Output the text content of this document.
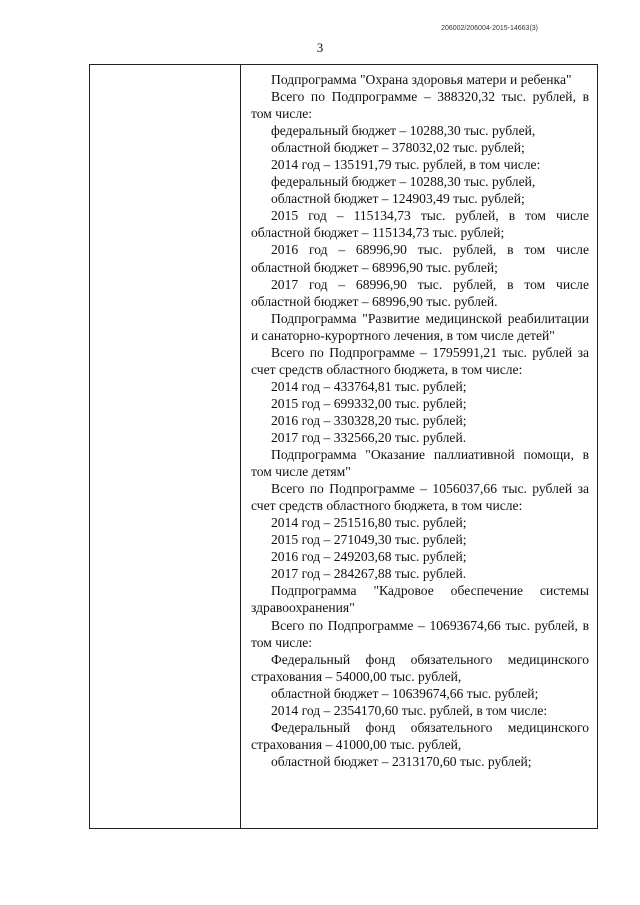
206002/206004-2015-14663(3)
3

Подпрограмма "Охрана здоровья матери и ребенка"

Всего по Подпрограмме – 388320,32 тыс. рублей, в том числе:

федеральный бюджет – 10288,30 тыс. рублей,

областной бюджет – 378032,02 тыс. рублей;

2014 год – 135191,79 тыс. рублей, в том числе:

федеральный бюджет – 10288,30 тыс. рублей,

областной бюджет – 124903,49 тыс. рублей;

2015 год – 115134,73 тыс. рублей, в том числе областной бюджет – 115134,73 тыс. рублей;

2016 год – 68996,90 тыс. рублей, в том числе областной бюджет – 68996,90 тыс. рублей;

2017 год – 68996,90 тыс. рублей, в том числе областной бюджет – 68996,90 тыс. рублей.

Подпрограмма "Развитие медицинской реабилитации и санаторно-курортного лечения, в том числе детей"

Всего по Подпрограмме – 1795991,21 тыс. рублей за счет средств областного бюджета, в том числе:

2014 год – 433764,81 тыс. рублей;

2015 год – 699332,00 тыс. рублей;

2016 год – 330328,20 тыс. рублей;

2017 год – 332566,20 тыс. рублей.

Подпрограмма "Оказание паллиативной помощи, в том числе детям"

Всего по Подпрограмме – 1056037,66 тыс. рублей за счет средств областного бюджета, в том числе:

2014 год – 251516,80 тыс. рублей;

2015 год – 271049,30 тыс. рублей;

2016 год – 249203,68 тыс. рублей;

2017 год – 284267,88 тыс. рублей.

Подпрограмма "Кадровое обеспечение системы здравоохранения"

Всего по Подпрограмме – 10693674,66 тыс. рублей, в том числе:

Федеральный фонд обязательного медицинского страхования – 54000,00 тыс. рублей,

областной бюджет – 10639674,66 тыс. рублей;

2014 год – 2354170,60 тыс. рублей, в том числе:

Федеральный фонд обязательного медицинского страхования – 41000,00 тыс. рублей,

областной бюджет – 2313170,60 тыс. рублей;
